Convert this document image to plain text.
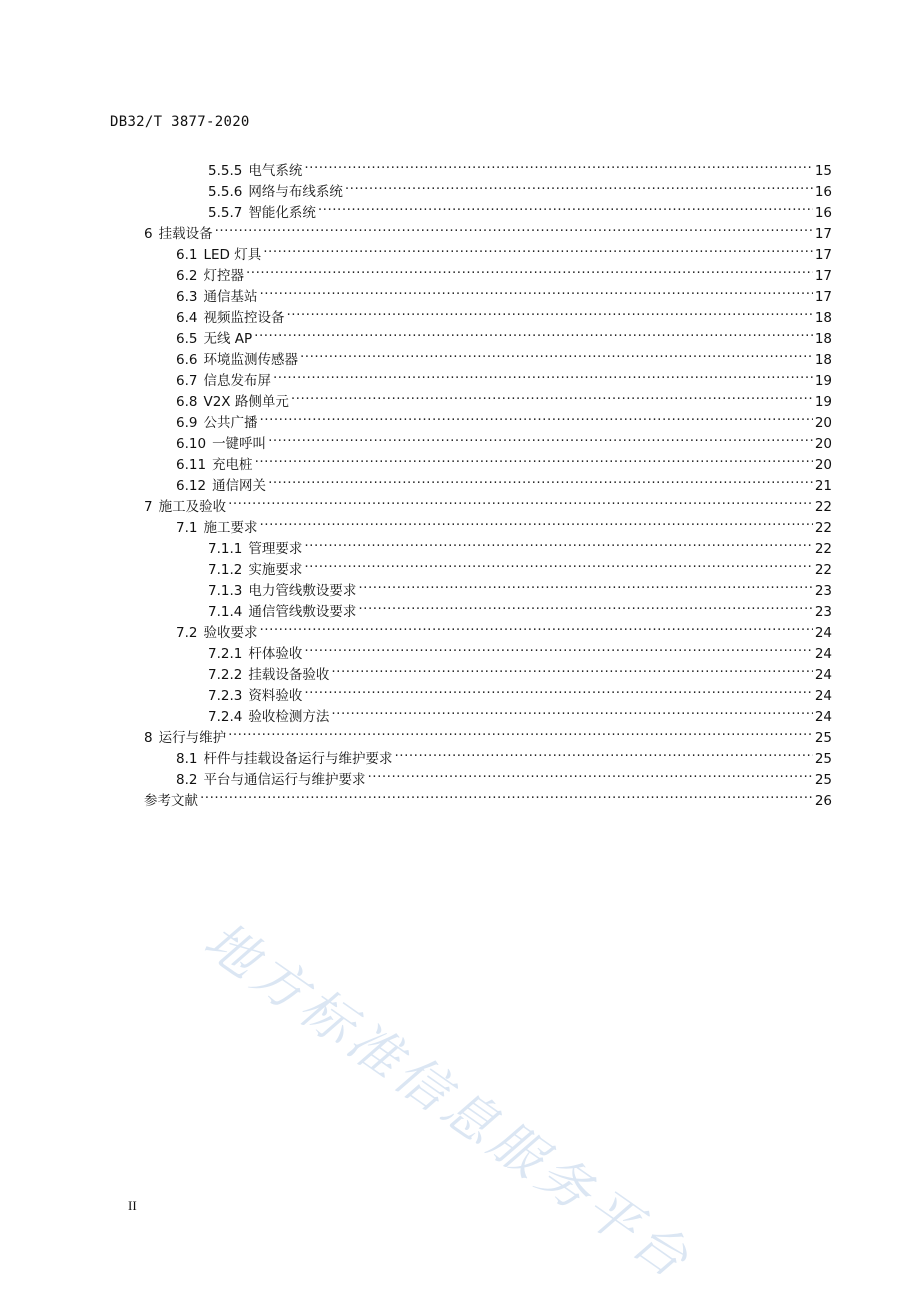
DB32/T 3877-2020
5.5.5 电气系统 .....	15
5.5.6 网络与布线系统 .....	16
5.5.7 智能化系统 .....	16
6 挂载设备 .....	17
6.1 LED 灯具 .....	17
6.2 灯控器 .....	17
6.3 通信基站 .....	17
6.4 视频监控设备 .....	18
6.5 无线 AP .....	18
6.6 环境监测传感器 .....	18
6.7 信息发布屏 .....	19
6.8 V2X 路侧单元 .....	19
6.9 公共广播 .....	20
6.10 一键呼叫 .....	20
6.11 充电桩 .....	20
6.12 通信网关 .....	21
7 施工及验收 .....	22
7.1 施工要求 .....	22
7.1.1 管理要求 .....	22
7.1.2 实施要求 .....	22
7.1.3 电力管线敷设要求 .....	23
7.1.4 通信管线敷设要求 .....	23
7.2 验收要求 .....	24
7.2.1 杆体验收 .....	24
7.2.2 挂载设备验收 .....	24
7.2.3 资料验收 .....	24
7.2.4 验收检测方法 .....	24
8 运行与维护 .....	25
8.1 杆件与挂载设备运行与维护要求 .....	25
8.2 平台与通信运行与维护要求 .....	25
参考文献 .....	26
地方标准信息服务平台
II
